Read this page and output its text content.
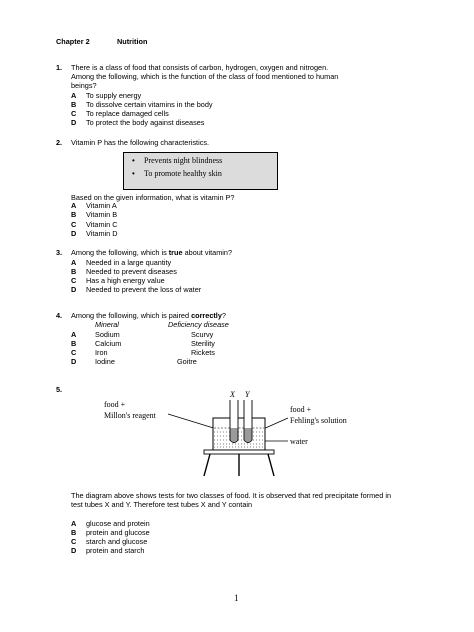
Chapter 2	Nutrition
1. There is a class of food that consists of carbon, hydrogen, oxygen and nitrogen.
Among the following, which is the function of the class of food mentioned to human
beings?
A To supply energy
B To dissolve certain vitamins in the body
C To replace damaged cells
D To protect the body against diseases
2. Vitamin P has the following characteristics.
• Prevents night blindness
• To promote healthy skin
Based on the given information, what is vitamin P?
A Vitamin A
B Vitamin B
C Vitamin C
D Vitamin D
3. Among the following, which is true about vitamin?
A Needed in a large quantity
B Needed to prevent diseases
C Has a high energy value
D Needed to prevent the loss of water
4. Among the following, which is paired correctly?
Mineral	Deficiency disease
A	Sodium	Scurvy
B	Calcium	Sterility
C	Iron	Rickets
D	Iodine	Goitre
5.
food +
Millon's reagent
X Y
food +
Fehling's solution
water
The diagram above shows tests for two classes of food. It is observed that red precipitate formed in
test tubes X and Y. Therefore test tubes X and Y contain
A glucose and protein
B protein and glucose
C starch and glucose
D protein and starch
1
